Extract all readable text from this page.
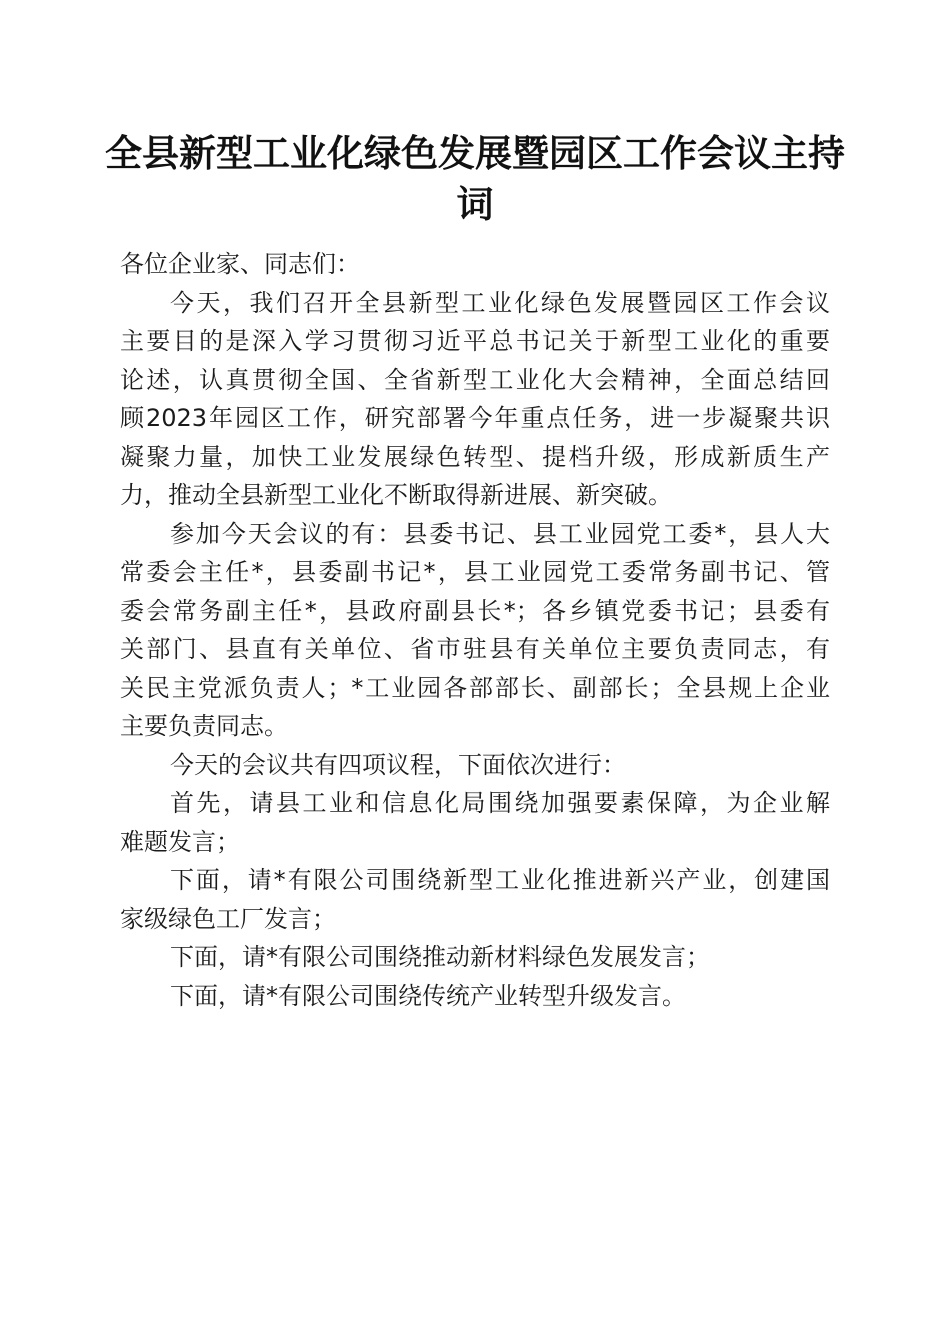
全县新型工业化绿色发展暨园区工作会议主持
词
各位企业家、同志们：
今天，我们召开全县新型工业化绿色发展暨园区工作会议
主要目的是深入学习贯彻习近平总书记关于新型工业化的重要
论述，认真贯彻全国、全省新型工业化大会精神，全面总结回
顾2023年园区工作，研究部署今年重点任务，进一步凝聚共识
凝聚力量，加快工业发展绿色转型、提档升级，形成新质生产
力，推动全县新型工业化不断取得新进展、新突破。
参加今天会议的有：县委书记、县工业园党工委*，县人大
常委会主任*，县委副书记*，县工业园党工委常务副书记、管
委会常务副主任*，县政府副县长*；各乡镇党委书记；县委有
关部门、县直有关单位、省市驻县有关单位主要负责同志，有
关民主党派负责人；*工业园各部部长、副部长；全县规上企业
主要负责同志。
今天的会议共有四项议程，下面依次进行：
首先，请县工业和信息化局围绕加强要素保障，为企业解
难题发言；
下面，请*有限公司围绕新型工业化推进新兴产业，创建国
家级绿色工厂发言；
下面，请*有限公司围绕推动新材料绿色发展发言；
下面，请*有限公司围绕传统产业转型升级发言。
